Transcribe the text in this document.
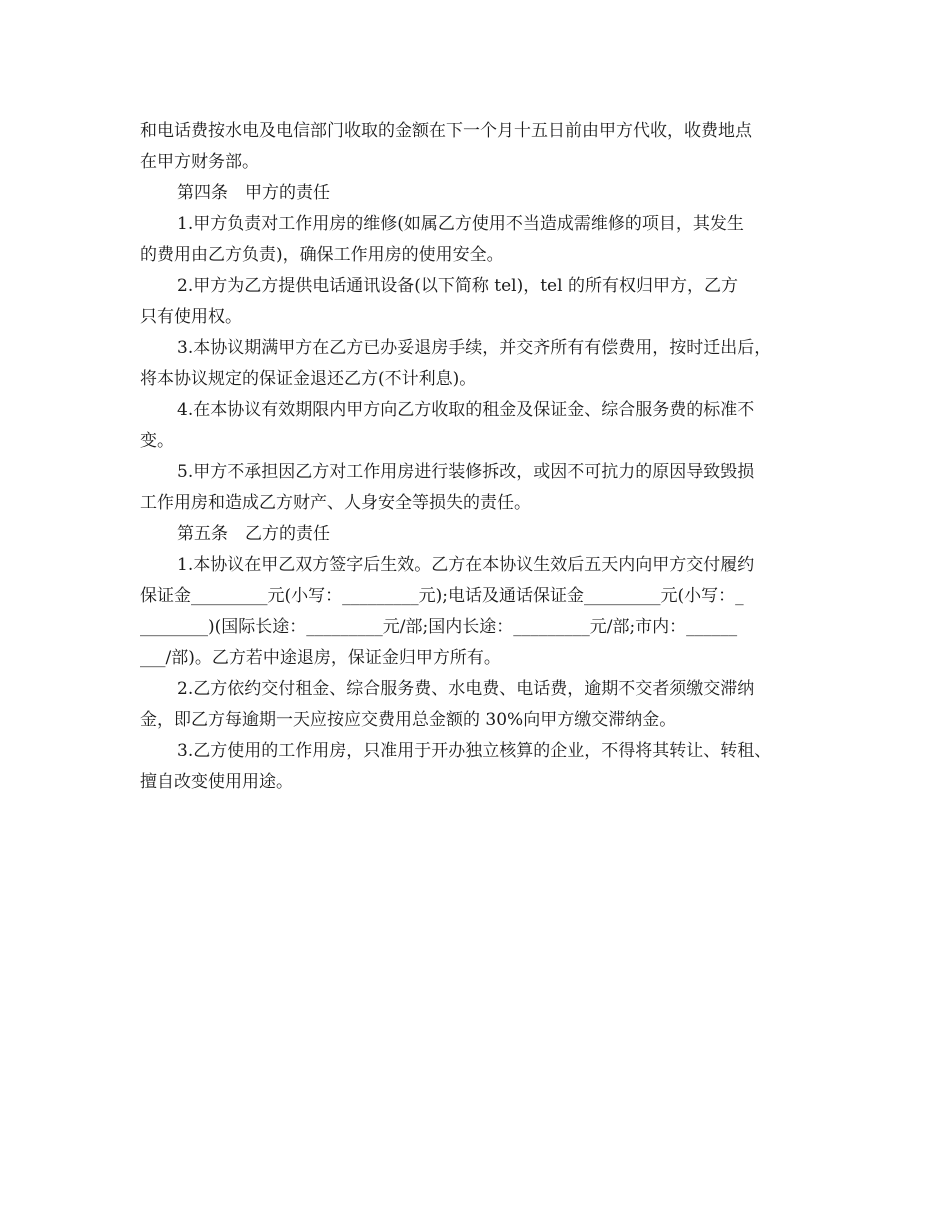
和电话费按水电及电信部门收取的金额在下一个月十五日前由甲方代收，收费地点
在甲方财务部。
第四条　甲方的责任
1.甲方负责对工作用房的维修(如属乙方使用不当造成需维修的项目，其发生
的费用由乙方负责)，确保工作用房的使用安全。
2.甲方为乙方提供电话通讯设备(以下简称 tel)，tel 的所有权归甲方，乙方
只有使用权。
3.本协议期满甲方在乙方已办妥退房手续，并交齐所有有偿费用，按时迁出后，
将本协议规定的保证金退还乙方(不计利息)。
4.在本协议有效期限内甲方向乙方收取的租金及保证金、综合服务费的标准不
变。
5.甲方不承担因乙方对工作用房进行装修拆改，或因不可抗力的原因导致毁损
工作用房和造成乙方财产、人身安全等损失的责任。
第五条　乙方的责任
1.本协议在甲乙双方签字后生效。乙方在本协议生效后五天内向甲方交付履约
保证金_________元(小写：_________元);电话及通话保证金_________元(小写：_
________)(国际长途：_________元/部;国内长途：_________元/部;市内：______
___/部)。乙方若中途退房，保证金归甲方所有。
2.乙方依约交付租金、综合服务费、水电费、电话费，逾期不交者须缴交滞纳
金，即乙方每逾期一天应按应交费用总金额的 30%向甲方缴交滞纳金。
3.乙方使用的工作用房，只准用于开办独立核算的企业，不得将其转让、转租、
擅自改变使用用途。
